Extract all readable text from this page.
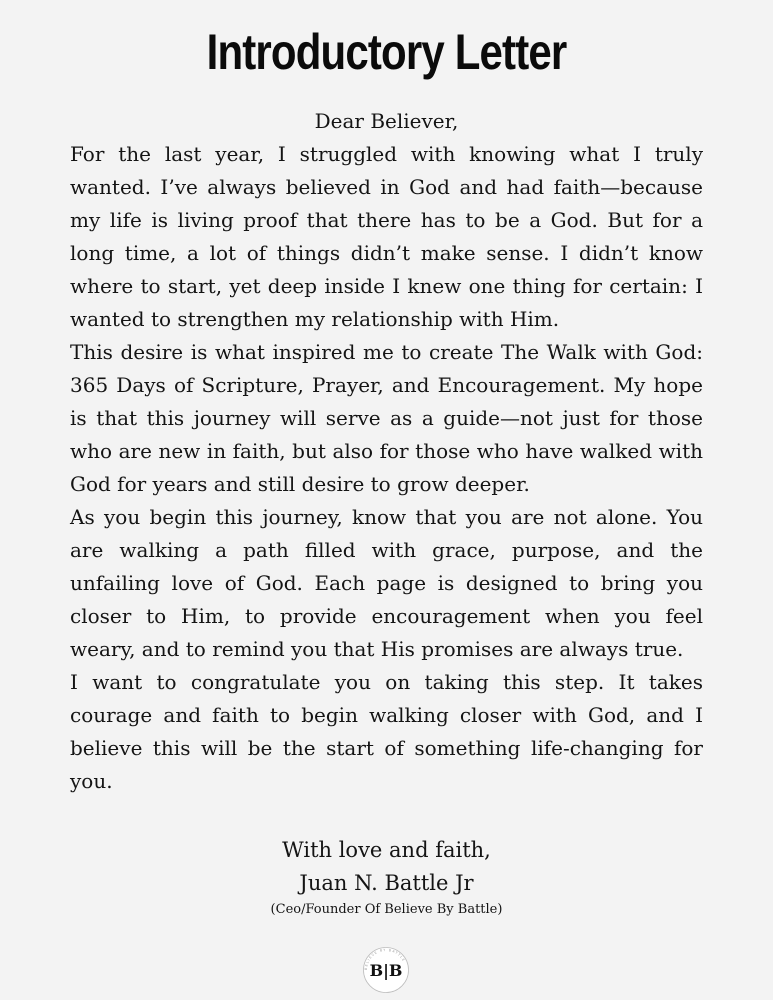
Introductory Letter

Dear Believer,

For the last year, I struggled with knowing what I truly wanted. I’ve always believed in God and had faith—because my life is living proof that there has to be a God. But for a long time, a lot of things didn’t make sense. I didn’t know where to start, yet deep inside I knew one thing for certain: I wanted to strengthen my relationship with Him.

This desire is what inspired me to create The Walk with God: 365 Days of Scripture, Prayer, and Encouragement. My hope is that this journey will serve as a guide—not just for those who are new in faith, but also for those who have walked with God for years and still desire to grow deeper.

As you begin this journey, know that you are not alone. You are walking a path filled with grace, purpose, and the unfailing love of God. Each page is designed to bring you closer to Him, to provide encouragement when you feel weary, and to remind you that His promises are always true.

I want to congratulate you on taking this step. It takes courage and faith to begin walking closer with God, and I believe this will be the start of something life-changing for you.

With love and faith,
Juan N. Battle Jr
(Ceo/Founder Of Believe By Battle)
BELIEVE BY BATTLE
B|B
